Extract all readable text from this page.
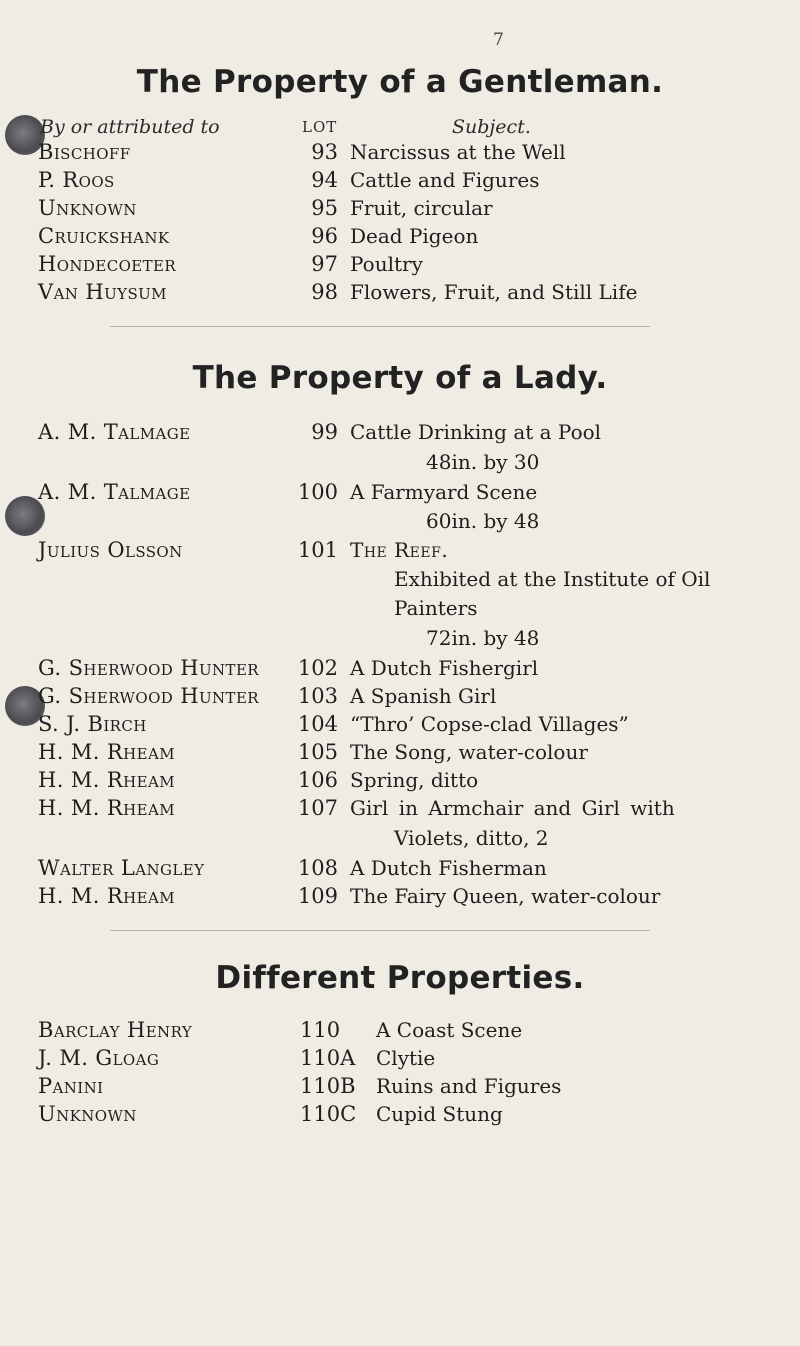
7
The Property of a Gentleman.
By or attributed to	LOT	Subject.
Bischoff	93 Narcissus at the Well
P. Roos	94 Cattle and Figures
Unknown	95 Fruit, circular
Cruickshank	96 Dead Pigeon
Hondecoeter	97 Poultry
Van Huysum	98 Flowers, Fruit, and Still Life
The Property of a Lady.
A. M. Talmage	99 Cattle Drinking at a Pool
48in. by 30
A. M. Talmage	100 A Farmyard Scene
60in. by 48
Julius Olsson	101 The Reef.
Exhibited at the Institute of Oil
Painters
72in. by 48
G. Sherwood Hunter 102 A Dutch Fishergirl
G. Sherwood Hunter 103 A Spanish Girl
S. J. Birch	104 “Thro’ Copse-clad Villages”
H. M. Rheam	105 The Song, water-colour
H. M. Rheam	106 Spring, ditto
H. M. Rheam	107 Girl in Armchair and Girl with
Violets, ditto, 2
Walter Langley	108 A Dutch Fisherman
H. M. Rheam	109 The Fairy Queen, water-colour
Different Properties.
Barclay Henry	110 A Coast Scene
J. M. Gloag	110A Clytie
Panini	110B Ruins and Figures
Unknown	110C Cupid Stung
